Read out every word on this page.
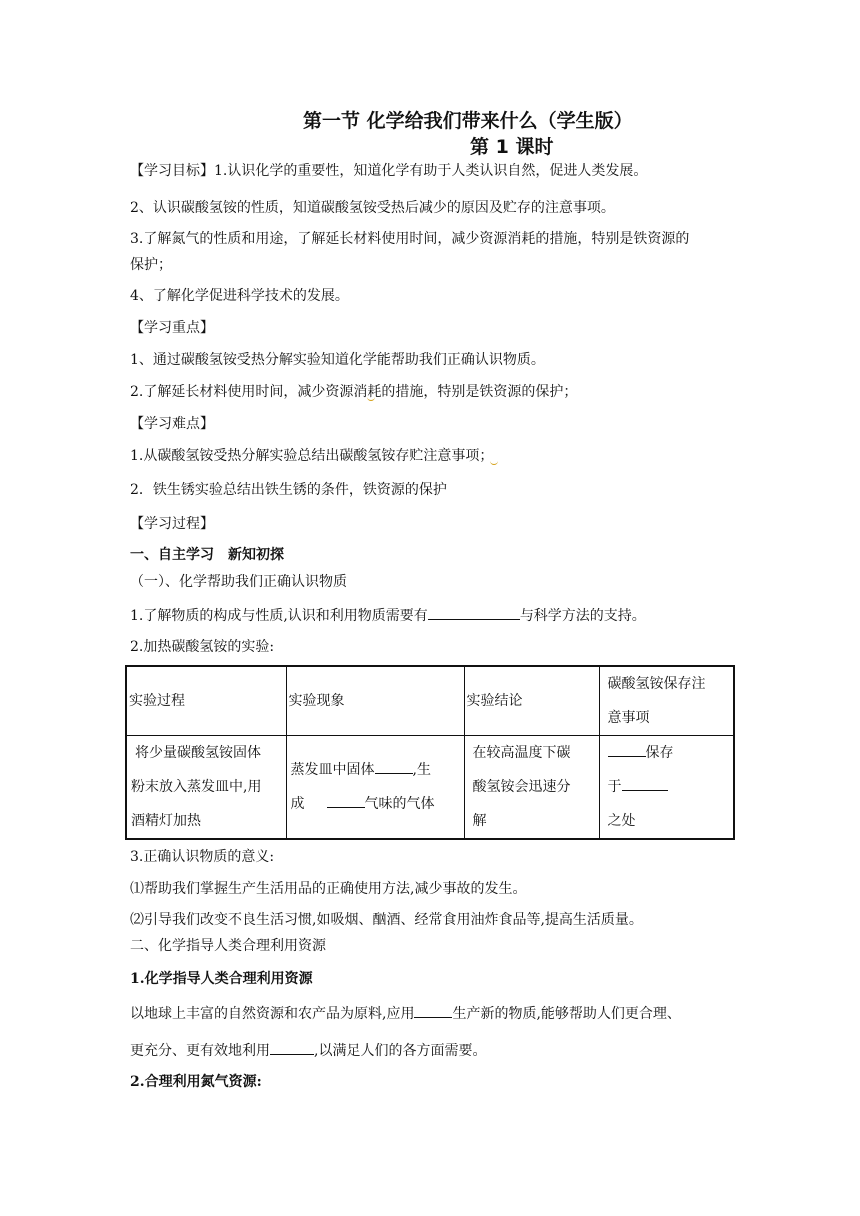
第一节 化学给我们带来什么（学生版）
第 1 课时
【学习目标】1.认识化学的重要性，知道化学有助于人类认识自然，促进人类发展。
2、认识碳酸氢铵的性质，知道碳酸氢铵受热后减少的原因及贮存的注意事项。
3.了解氮气的性质和用途，了解延长材料使用时间，减少资源消耗的措施，特别是铁资源的
保护；
4、了解化学促进科学技术的发展。
【学习重点】
1、通过碳酸氢铵受热分解实验知道化学能帮助我们正确认识物质。
2.了解延长材料使用时间，减少资源消耗的措施，特别是铁资源的保护；
【学习难点】
1.从碳酸氢铵受热分解实验总结出碳酸氢铵存贮注意事项；
2．铁生锈实验总结出铁生锈的条件，铁资源的保护
【学习过程】
一、自主学习　新知初探
（一）、化学帮助我们正确认识物质
1.了解物质的构成与性质,认识和利用物质需要有	与科学方法的支持。
2.加热碳酸氢铵的实验:
实验过程	实验现象	实验结论	碳酸氢铵保存注
意事项

将少量碳酸氢铵固体
粉末放入蒸发皿中,用
酒精灯加热	蒸发皿中固体 ,生
成 气味的气体	在较高温度下碳
酸氢铵会迅速分
解	保存
于
之处
3.正确认识物质的意义:
⑴帮助我们掌握生产生活用品的正确使用方法,减少事故的发生。
⑵引导我们改变不良生活习惯,如吸烟、酗酒、经常食用油炸食品等,提高生活质量。
二、化学指导人类合理利用资源
1.化学指导人类合理利用资源
以地球上丰富的自然资源和农产品为原料,应用	生产新的物质,能够帮助人们更合理、
更充分、更有效地利用	,以满足人们的各方面需要。
2.合理利用氮气资源:
